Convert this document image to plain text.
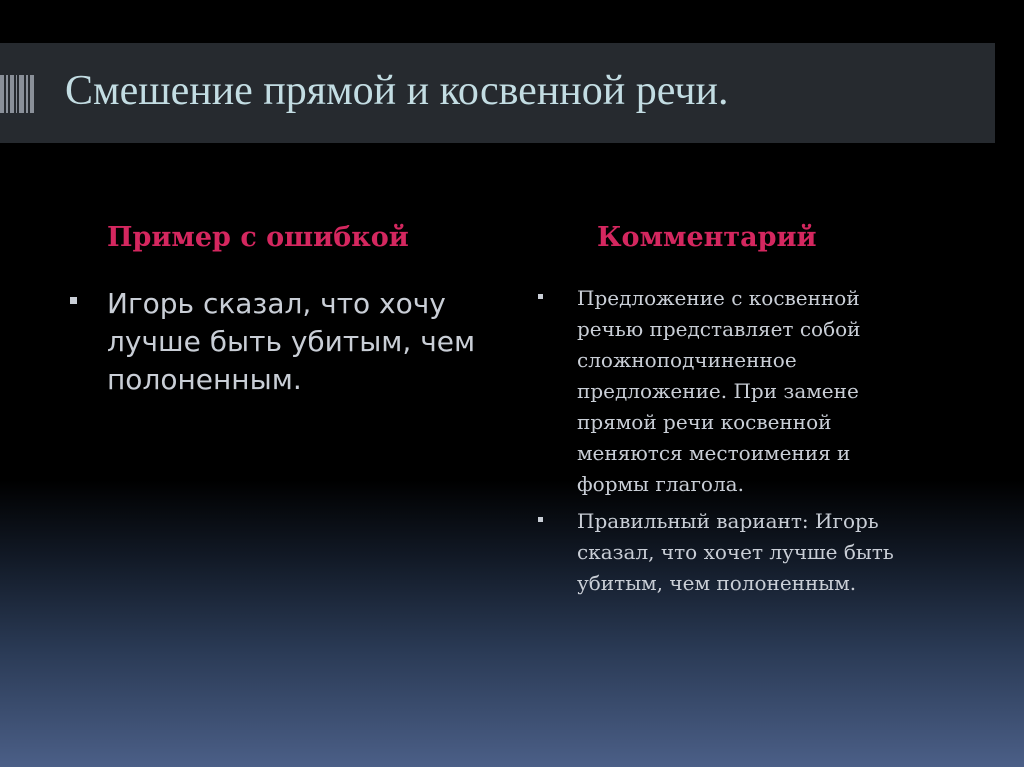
Смешение прямой и косвенной речи.
Пример с ошибкой	Комментарий
Игорь сказал, что хочу лучше быть убитым, чем полоненным.
Предложение с косвенной речью представляет собой сложноподчиненное предложение. При замене прямой речи косвенной меняются местоимения и формы глагола.
Правильный вариант: Игорь сказал, что хочет лучше быть убитым, чем полоненным.
